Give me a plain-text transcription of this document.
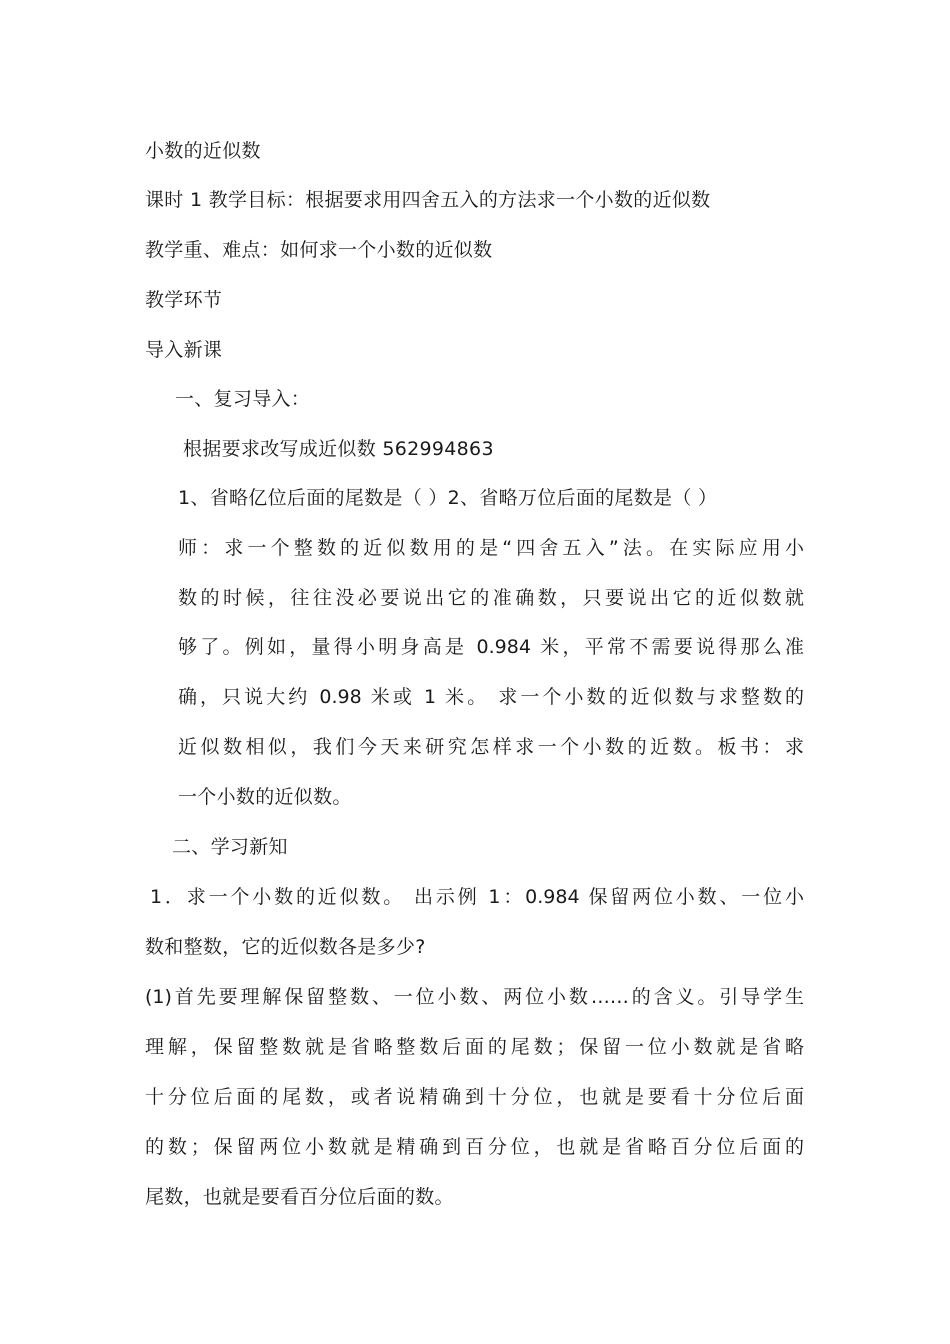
小数的近似数
课时 1 教学目标：根据要求用四舍五入的方法求一个小数的近似数
教学重、难点：如何求一个小数的近似数
教学环节
导入新课
一、复习导入：
根据要求改写成近似数 562994863
1、省略亿位后面的尾数是（ ）2、省略万位后面的尾数是（ ）
师：求一个整数的近似数用的是“四舍五入”法。在实际应用小
数的时候，往往没必要说出它的准确数，只要说出它的近似数就
够了。例如，量得小明身高是 0.984 米，平常不需要说得那么准
确，只说大约 0.98 米或 1 米。 求一个小数的近似数与求整数的
近似数相似，我们今天来研究怎样求一个小数的近数。板书：求
一个小数的近似数。
二、学习新知
1．求一个小数的近似数。 出示例 1：0.984 保留两位小数、一位小
数和整数，它的近似数各是多少?
(1)首先要理解保留整数、一位小数、两位小数……的含义。引导学生
理解，保留整数就是省略整数后面的尾数；保留一位小数就是省略
十分位后面的尾数，或者说精确到十分位，也就是要看十分位后面
的数；保留两位小数就是精确到百分位，也就是省略百分位后面的
尾数，也就是要看百分位后面的数。
